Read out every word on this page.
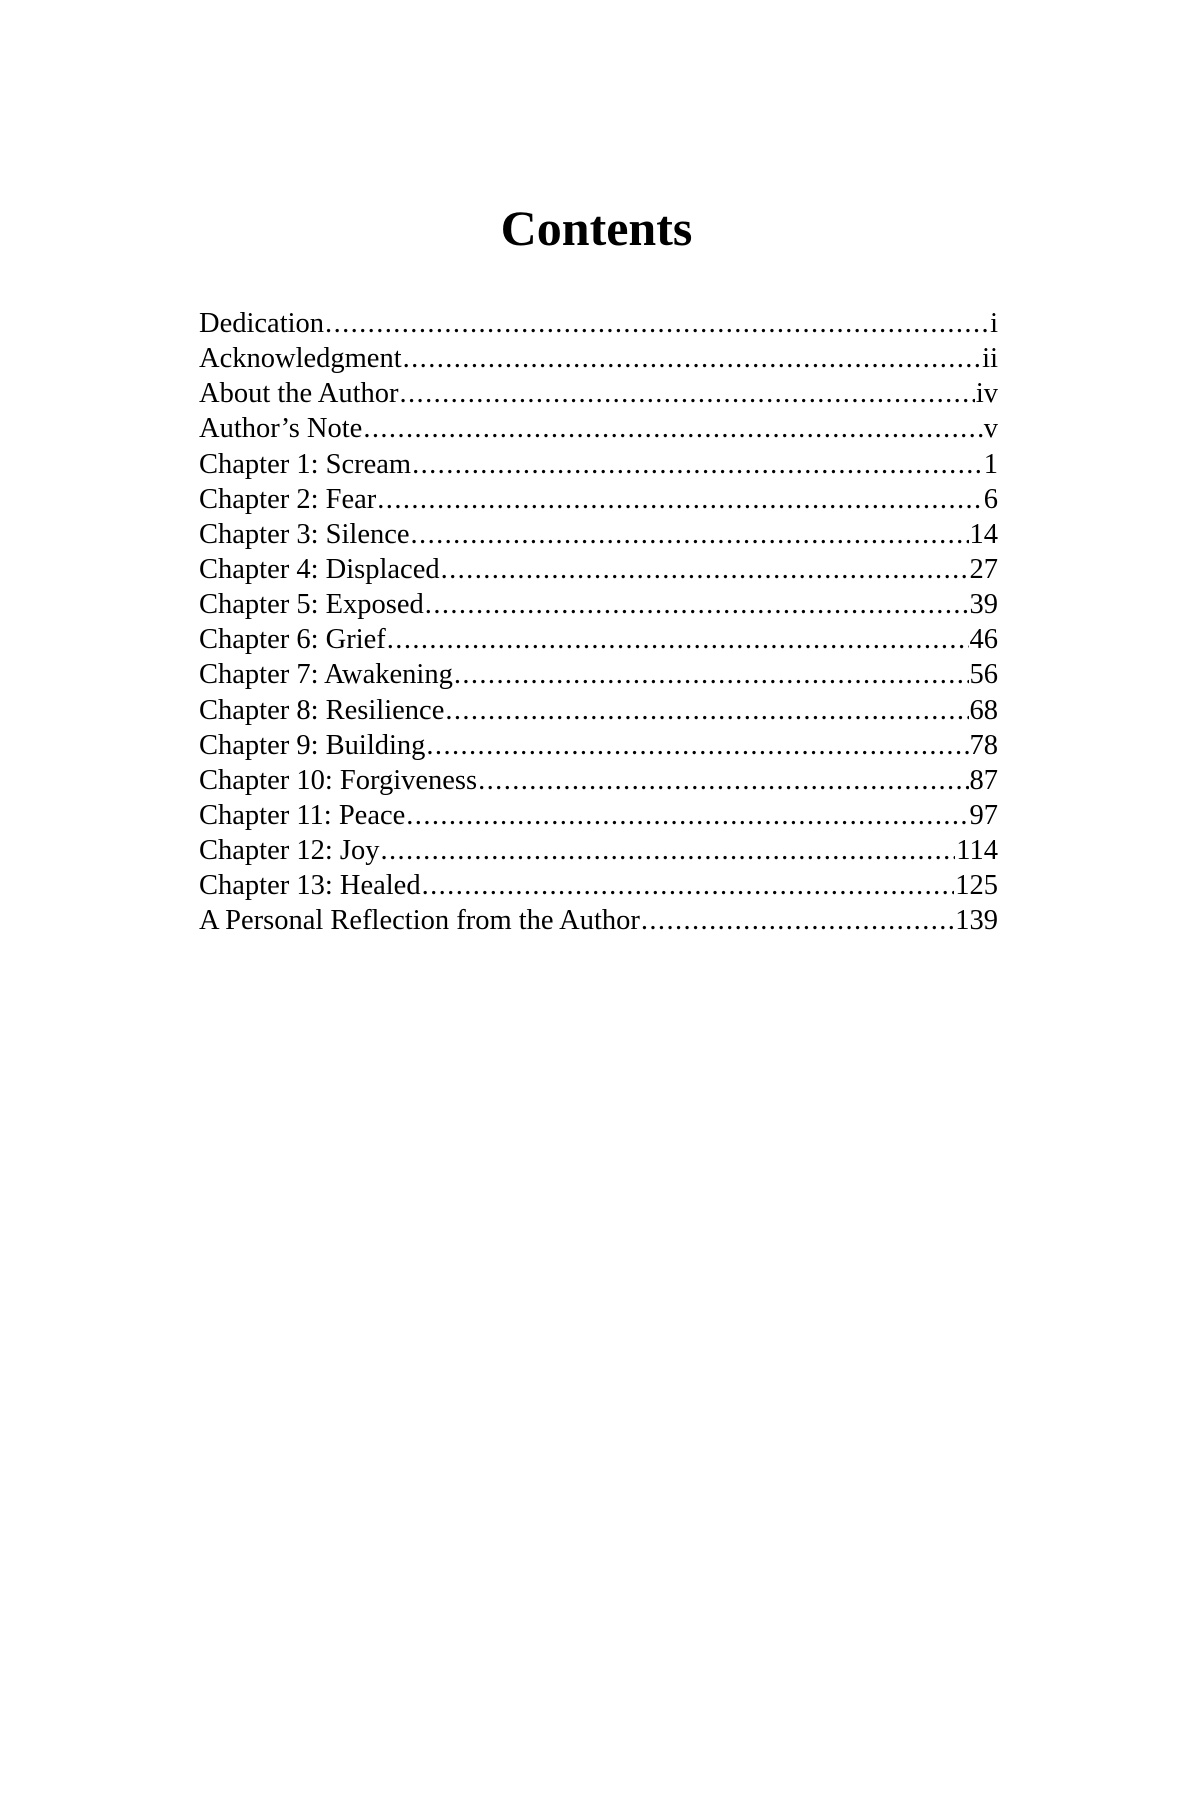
Contents
Dedication .....	i
Acknowledgment .....	ii
About the Author .....	iv
Author’s Note .....	v
Chapter 1: Scream .....	1
Chapter 2: Fear .....	6
Chapter 3: Silence .....	14
Chapter 4: Displaced .....	27
Chapter 5: Exposed .....	39
Chapter 6: Grief .....	46
Chapter 7: Awakening .....	56
Chapter 8: Resilience .....	68
Chapter 9: Building .....	78
Chapter 10: Forgiveness .....	87
Chapter 11: Peace .....	97
Chapter 12: Joy .....	114
Chapter 13: Healed .....	125
A Personal Reflection from the Author .....	139
